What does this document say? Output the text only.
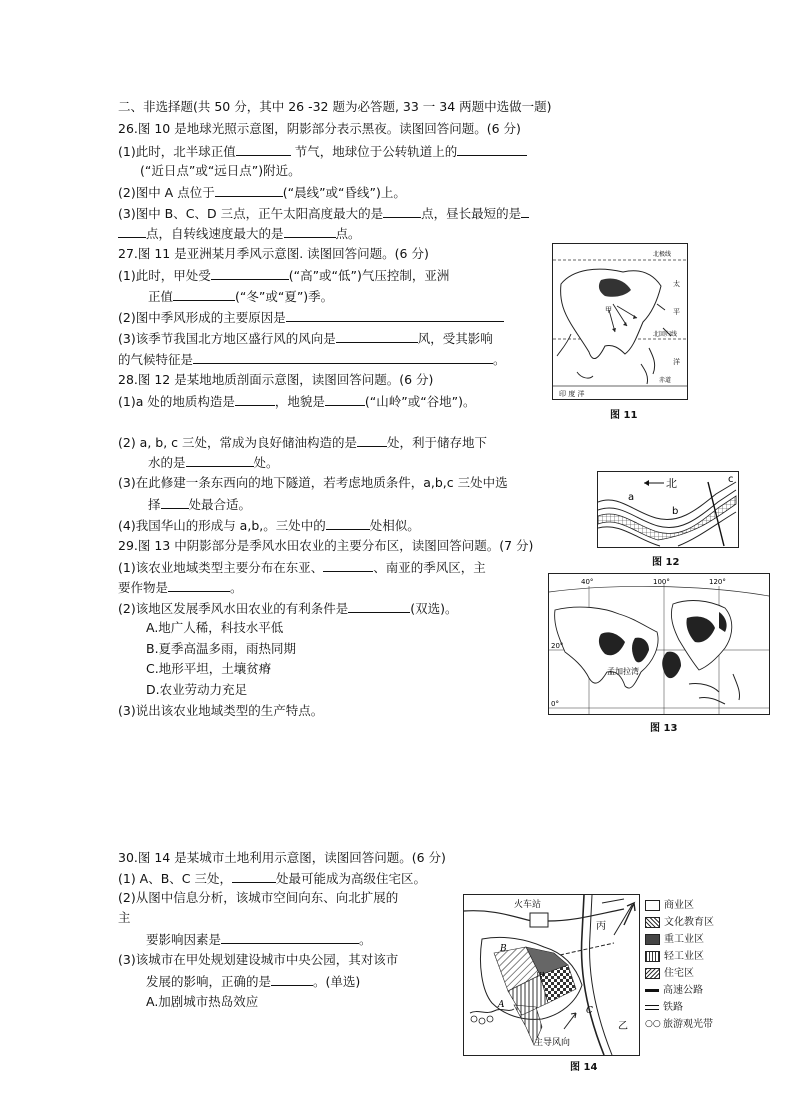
二、非选择题(共 50 分，其中 26 -32 题为必答题, 33 一 34 两题中选做一题)
26.图 10 是地球光照示意图，阴影部分表示黑夜。读图回答问题。(6 分)
(1)此时，北半球正值	节气，地球位于公转轨道上的
(“近日点”或“远日点”)附近。
(2)图中 A 点位于	(“晨线”或“昏线”)上。
(3)图中 B、C、D 三点，正午太阳高度最大的是	点，昼长最短的是
点，自转线速度最大的是	点。
27.图 11 是亚洲某月季风示意图. 读图回答问题。(6 分)
(1)此时，甲处受	(“高”或“低”)气压控制，亚洲
正值	(“冬”或“夏”)季。
(2)图中季风形成的主要原因是
(3)该季节我国北方地区盛行风的风向是	风，受其影响
的气候特征是	。
28.图 12 是某地地质剖面示意图，读图回答问题。(6 分)
(1)a 处的地质构造是	，地貌是	(“山岭”或“谷地”)。
(2) a, b, c 三处，常成为良好储油构造的是 处，利于储存地下
水的是	处。
(3)在此修建一条东西向的地下隧道，若考虑地质条件，a,b,c 三处中选
择 处最合适。
(4)我国华山的形成与 a,b,。三处中的	处相似。
29.图 13 中阴影部分是季风水田农业的主要分布区，读图回答问题。(7 分)
(1)该农业地域类型主要分布在东亚、	、南亚的季风区，主
要作物是	。
(2)该地区发展季风水田农业的有利条件是	(双选)。
A.地广人稀，科技水平低
B.夏季高温多雨，雨热同期
C.地形平坦，土壤贫瘠
D.农业劳动力充足
(3)说出该农业地域类型的生产特点。
30.图 14 是某城市土地利用示意图，读图回答问题。(6 分)
(1) A、B、C 三处，	处最可能成为高级住宅区。
(2)从图中信息分析，该城市空间向东、向北扩展的
主
要影响因素是	。
(3)该城市在甲处规划建设城市中央公园，其对该市
发展的影响，正确的是	。(单选)
A.加剧城市热岛效应
北极线
太
平
北回归线
洋
赤道
印 度 洋
甲
图 11
北
a
b
c
图 12
40°	100°	120°
20°
0°
孟加拉湾
图 13
火车站
丙
乙
甲
B
A
C
主导风向
图 14
商业区
文化教育区
重工业区
轻工业区
住宅区
高速公路
铁路
○○ 旅游观光带
